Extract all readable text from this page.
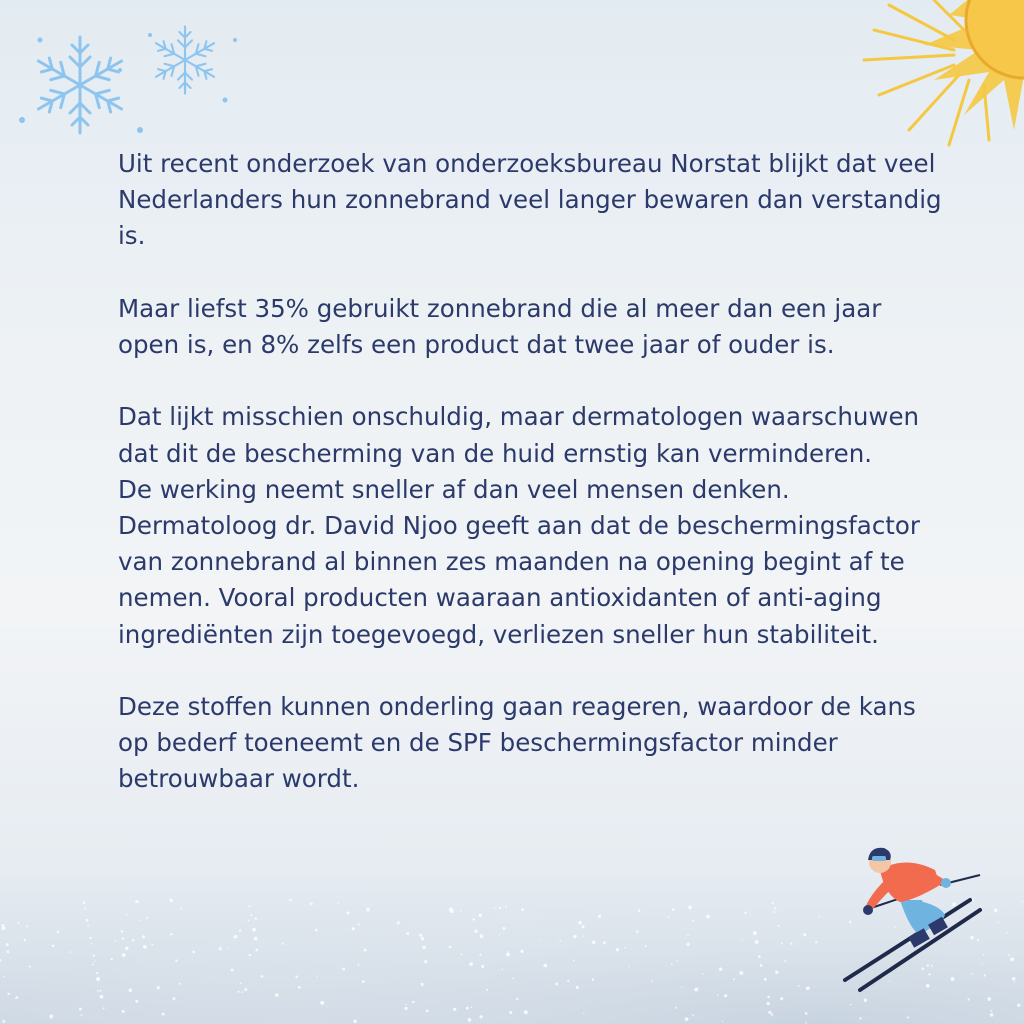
Uit recent onderzoek van onderzoeksbureau Norstat blijkt dat veel Nederlanders hun zonnebrand veel langer bewaren dan verstandig is.

Maar liefst 35% gebruikt zonnebrand die al meer dan een jaar open is, en 8% zelfs een product dat twee jaar of ouder is.

Dat lijkt misschien onschuldig, maar dermatologen waarschuwen dat dit de bescherming van de huid ernstig kan verminderen.

De werking neemt sneller af dan veel mensen denken. Dermatoloog dr. David Njoo geeft aan dat de beschermingsfactor van zonnebrand al binnen zes maanden na opening begint af te nemen. Vooral producten waaraan antioxidanten of anti-aging ingrediënten zijn toegevoegd, verliezen sneller hun stabiliteit.

Deze stoffen kunnen onderling gaan reageren, waardoor de kans op bederf toeneemt en de SPF beschermingsfactor minder betrouwbaar wordt.
